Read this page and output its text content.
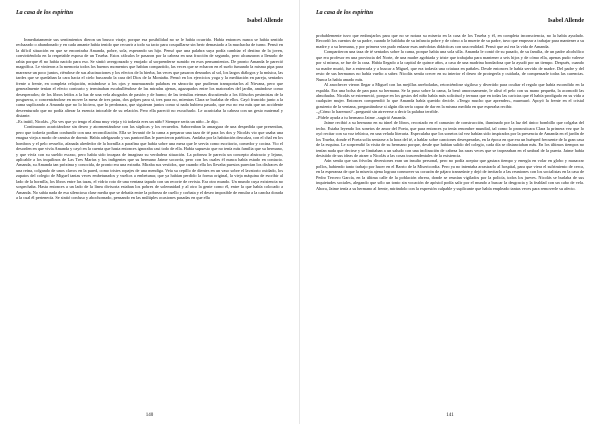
La casa de los espíritus
Isabel Allende

Inmediatamente sus sentimientos dieron un brusco viraje, porque esa posibilidad no se le había ocurrido. Había entonces nunca se había sentido rechazado o abandonado y en cada amante había tenido que recurrir a todo su tacto para cosquillarse sin herir demasiado a la muchacha de turno. Pensó en la difícil situación en que se encontraba Amanda, pobre, sola, esperando un hijo. Pensó que una palabra suya podía cambiar el destino de la joven, convirtiéndola en la respetable esposa de un Trueba. Estos cálculos le pasaron por la cabeza en una fracción de segundo, pero alcanzaron a llenarlo de rabia porque él no había nacido para eso. Se sintió avergonzado y enojado al sorprenderse sumido en esos pensamientos. De pronto Amanda le pareció magnífica. Le vinieron a la memoria todos los buenos momentos que habían compartido, las veces que se echaron en el suelo fumando la misma pipa para marearse un poco juntos, riéndose de sus alucinaciones y los efectos de la hierba, las veces que pasaron desnudos al sol, los largos diálogos y la música, las tardes que se quedaban la cara hacia el cielo buscando la cara del Dios de la Montaña. Pensó en los ejercicios yoga y la meditación en pareja, sentados frente a frente, en completa relajación, mirándose a los ojos y murmurando palabras en sánscrito que pudieran transportarlos al Nirvana, pero que generalmente tenían el efecto contrario y terminaban escabulléndose de las miradas ajenas, agazapados entre los matorrales del jardín, amándose como desesperados; de los libros leídos a la luz de una vela ahogados de pasión y de humo; de las tertulias eternas discutiendo a los filósofos pesimistas de la posguerra, o concentrándose en mover la mesa de tres patas, dos golpes para sí, tres para no, mientras Clara se burlaba de ellos. Cayó fruncido junto a la cama suplicando a Amanda que no lo hiciera, que lo perdonara, que siguieran juntos como si nada hubiera pasado, que eso no era más que un accidente desventurado que no podía alterar la esencia intocable de su relación. Pero ella pareció no escucharlo. Le acariciaba la cabeza con un gesto maternal y distante.

–Es inútil, Nicolás. ¿No ves que yo tengo el alma muy vieja y tú todavía eres un niño? Siempre serás un niño –le dijo.

Continuaron acariciándose sin deseo y atormentándose con las súplicas y los recuerdos. Saboreaban la amargura de una despedida que presentían, pero que todavía podían confundir con una reconciliación. Ella se levantó de la cama a preparar una taza de té para los dos y Nicolás vio que usaba una enagua vieja a modo de camisa de dormir. Había adelgazado y sus pantorrillas le parecieron patéticas. Andaba por la habitación descalza, con el chal en los hombros y el pelo revuelto, afanada alrededor de la hornilla a parafina que había sobre una mesa que le servía como escritorio, comedor y cocina. Vio el desorden en que vivía Amanda y cayó en la cuenta que hasta entonces ignoraba casi todo de ella. Había supuesto que no tenía más familia que su hermano, y que vivía con su sueldo escaso, pero había sido incapaz de imaginar su verdadera situación. La pobreza le parecía un concepto abstracto y lejano, aplicable a los inquilinos de Las Tres Marías y los indigentes que su hermano Jaime socorría, pero con los cuales él nunca había estado en contacto. Amanda, su Amanda tan próxima y conocida, de pronto era una extraña. Miraba sus vestidos, que cuando ella los llevaba puestos parecían los disfraces de una reina, colgando de unos clavos en la pared, como tristes ropajes de una mendiga. Veía su cepillo de dientes en un vaso sobre el lavatorio oxidado, los zapatos del colegio de Miguel tantas veces embetunados y vueltos a embetunar, que ya habían perdido la forma original, la vieja máquina de escribir al lado de la hornilla, los libros entre las tazas, el vidrio roto de una ventana tapado con un recorte de revista. Era otro mundo. Un mundo cuya existencia no sospechaba. Hasta entonces a un lado de la línea divisoria estaban los pobres de solemnidad y al otro la gente como él, entre la que había colocado a Amanda. No sabía nada de esa silenciosa clase media que se debatía entre la pobreza de cuello y corbata y el deseo imposible de emular a la cancha dorada a la cual él pertenecía. Se sintió confuso y abochornado, pensando en las múltiples ocasiones pasadas en que ella

140
La casa de los espíritus
Isabel Allende

probablemente tuvo que embrujarlos para que no se notara su miseria en la casa de los Trueba y él, en completa inconsciencia, no la había ayudado. Recordó los cuentos de su padre, cuando le hablaba de su infancia pobre y de cómo a la muerte de su padre, tuvo que empezar a trabajar para mantener a su madre y a su hermana, y por primera vez pudo enlazar esas anécdotas didácticas con una realidad. Pensó que así era la vida de Amanda.

Compartieron una taza de té sentados sobre la cama, porque había una sola silla. Amanda le contó de su pasado, de su familia, de un padre alcohólico que era profesor en una provincia del Norte, de una madre agobiada y triste que trabajaba para mantener a seis hijos y de cómo ella, apenas pudo valerse por sí misma, se fue de la casa. Había llegado a la capital de quince años, a casa de una madrina bondadosa que la ayudó por un tiempo. Después, cuando su madre murió, fue a enterrarla y a buscar a Miguel, que era todavía una criatura en pañales. Desde entonces le había servido de madre. Del padre y del resto de sus hermanos no había vuelto a saber. Nicolás sentía crecer en su interior el deseo de protegerla y cuidarla, de compensarle todas las carencias. Nunca la había amado más.

Al anochecer vieron llegar a Miguel con las mejillas arreboladas, retorciéndose sigiloso y divertido para ocultar el regalo que había escondido en la espalda. Era una bolsa de pan para su hermana. Se la puso sobre la cama, la besó amorosamente, le alisó el pelo con su mano pequeña, la acomodó las almohadas. Nicolás se estremeció, porque en los gestos del niño había más solicitud y ternura que en todas las caricias que él había prodigado en su vida a cualquier mujer. Entonces comprendió lo que Amanda había querido decirle. «Tengo mucho que aprender», murmuró. Apoyó la frente en el cristal grasiento de la ventana, preguntándose si algún día sería capaz de dar en la misma medida en que esperaba recibir.

–¿Cómo lo haremos? –preguntó sin atreverse a decir la palabra terrible.

–Pídele ayuda a tu hermano Jaime –sugirió Amanda.

Jaime recibió a su hermano en su túnel de libros, recostado en el camastro de construcción, iluminado por la luz del único bombillo que colgaba del techo. Estaba leyendo los sonetos de amor del Poeta, que para entonces ya tenía renombre mundial, tal como lo pronosticara Clara la primera vez que lo oyó recitar con su voz telúrica, en una velada literaria. Especulaba que los sonetos tal vez habían sido inspirados por la presencia de Amanda en el jardín de los Trueba, donde el Poeta solía sentarse a la hora del té, a hablar sobre canciones desesperadas, en la época en que era un huésped frecuente de la gran casa de la esquina. Le sorprendió la visita de su hermano porque, desde que habían salido del colegio, cada día se distanciaban más. En los últimos tiempos no tenían nada que decirse y se limitaban a un saludo con una inclinación de cabeza las raras veces que se tropezaban en el umbral de la puerta. Jaime había desistido de sus ideas de atraer a Nicolás a las cosas trascendentales de la existencia.

Aún sentía que sus frívolas diversiones eran un insulto personal, pero no podía aceptar que gastara tiempo y energía en volar en globo y masacrar pollos, habiendo tanto trabajo por hacer en el Barrio de la Misericordia. Pero ya no intentaba arrastrarlo al hospital, para que viera el sufrimiento de cerca, en la esperanza de que la miseria ajena lograra conmover su corazón de pájaro transeúnte y dejó de invitarlo a las reuniones con los socialistas en la casa de Pedro Tercero García, en la última calle de la población obrera, donde se reunían vigilados por la policía, todos los jueves. Nicolás se burlaba de sus inquietudes sociales, alegando que sólo un tonto sin vocación de apóstol podía salir por el mundo a buscar la desgracia y la fealdad con un cabo de vela. Ahora, Jaime tenía a su hermano al frente, mirándolo con la expresión culpable y suplicante que había empleado tantas veces para removerle su afecto.

141
